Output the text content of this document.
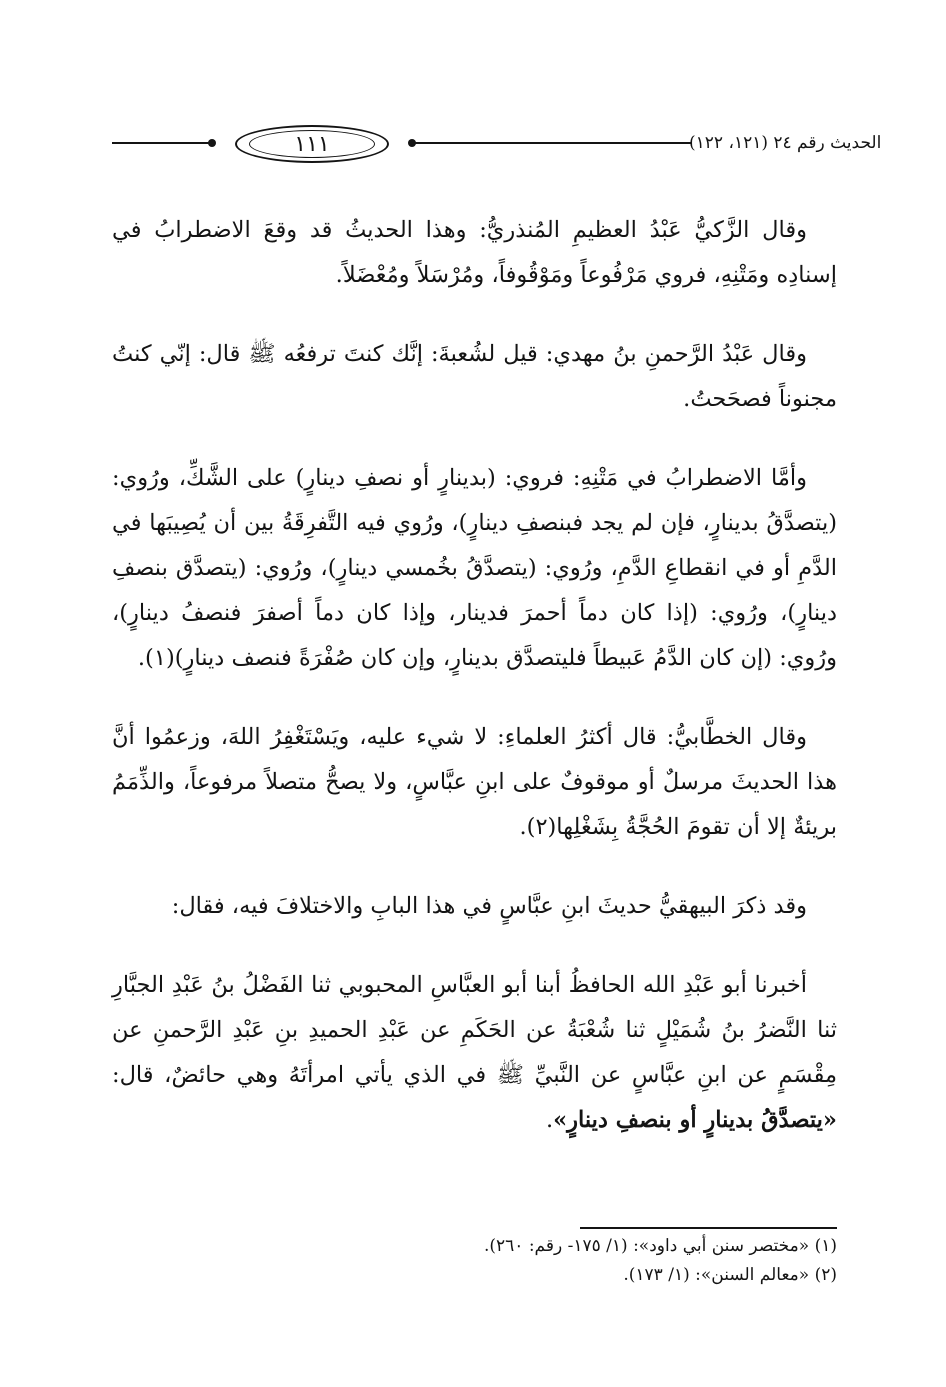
١١١	الحديث رقم ٢٤ (١٢١، ١٢٢)

وقال الزَّكيُّ عَبْدُ العظيمِ المُنذريُّ: وهذا الحديثُ قد وقعَ الاضطرابُ في إسنادِه ومَتْنِهِ، فروي مَرْفُوعاً ومَوْقُوفاً، ومُرْسَلاً ومُعْضَلاً.

وقال عَبْدُ الرَّحمنِ بنُ مهدي: قيل لشُعبةَ: إنَّك كنتَ ترفعُه ﷺ قال: إنّي كنتُ مجنوناً فصحَحتُ.

وأمَّا الاضطرابُ في مَتْنِهِ: فروي: (بدينارٍ أو نصفِ دينارٍ) على الشَّكِّ، ورُوي: (يتصدَّقُ بدينارٍ، فإن لم يجد فبنصفِ دينارٍ)، ورُوي فيه التَّفرِقَةُ بين أن يُصِيبَها في الدَّمِ أو في انقطاعِ الدَّمِ، ورُوي: (يتصدَّقُ بخُمسي دينارٍ)، ورُوي: (يتصدَّق بنصفِ دينارٍ)، ورُوي: (إذا كان دماً أحمرَ فدينار، وإذا كان دماً أصفرَ فنصفُ دينارٍ)، ورُوي: (إن كان الدَّمُ عَبيطاً فليتصدَّق بدينارٍ، وإن كان صُفْرَةً فنصف دينارٍ)(١).

وقال الخطَّابيُّ: قال أكثرُ العلماءِ: لا شيء عليه، ويَسْتَغْفِرُ اللهَ، وزعمُوا أنَّ هذا الحديثَ مرسلٌ أو موقوفٌ على ابنِ عبَّاسٍ، ولا يصحُّ متصلاً مرفوعاً، والذِّمَمُ بريئةٌ إلا أن تقومَ الحُجَّةُ بِشَغْلِها(٢).

وقد ذكرَ البيهقيُّ حديثَ ابنِ عبَّاسٍ في هذا البابِ والاختلافَ فيه، فقال:

أخبرنا أبو عَبْدِ الله الحافظُ أبنا أبو العبَّاسِ المحبوبي ثنا الفَضْلُ بنُ عَبْدِ الجبَّارِ ثنا النَّضرُ بنُ شُمَيْلٍ ثنا شُعْبَةُ عن الحَكَمِ عن عَبْدِ الحميدِ بنِ عَبْدِ الرَّحمنِ عن مِقْسَمٍ عن ابنِ عبَّاسٍ عن النَّبيِّ ﷺ في الذي يأتي امرأتَهُ وهي حائضٌ، قال: «يتصدَّقُ بدينارٍ أو بنصفِ دينارٍ».

(١) «مختصر سنن أبي داود»: (١/ ١٧٥- رقم: ٢٦٠).

(٢) «معالم السنن»: (١/ ١٧٣).
